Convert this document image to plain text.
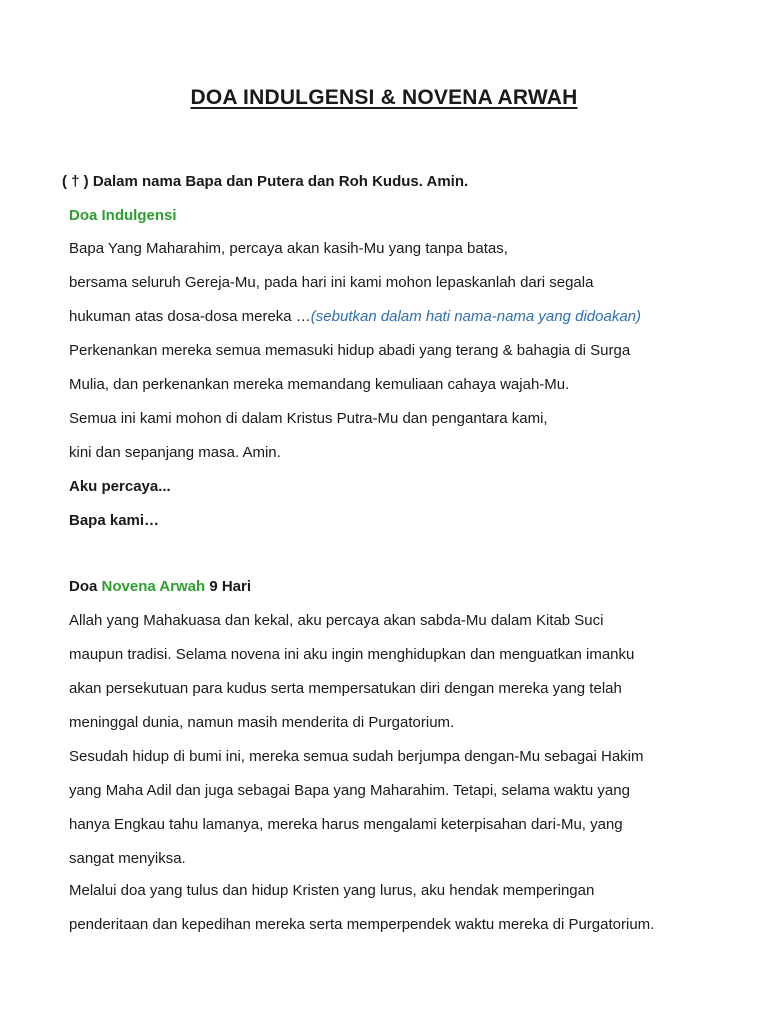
DOA INDULGENSI & NOVENA ARWAH

( † ) Dalam nama Bapa dan Putera dan Roh Kudus. Amin.

Doa Indulgensi

Bapa Yang Maharahim, percaya akan kasih-Mu yang tanpa batas,

bersama seluruh Gereja-Mu, pada hari ini kami mohon lepaskanlah dari segala

hukuman atas dosa-dosa mereka …(sebutkan dalam hati nama-nama yang didoakan)

Perkenankan mereka semua memasuki hidup abadi yang terang & bahagia di Surga

Mulia, dan perkenankan mereka memandang kemuliaan cahaya wajah-Mu.

Semua ini kami mohon di dalam Kristus Putra-Mu dan pengantara kami,

kini dan sepanjang masa. Amin.

Aku percaya...

Bapa kami…

Doa Novena Arwah 9 Hari

Allah yang Mahakuasa dan kekal, aku percaya akan sabda-Mu dalam Kitab Suci

maupun tradisi. Selama novena ini aku ingin menghidupkan dan menguatkan imanku

akan persekutuan para kudus serta mempersatukan diri dengan mereka yang telah

meninggal dunia, namun masih menderita di Purgatorium.

Sesudah hidup di bumi ini, mereka semua sudah berjumpa dengan-Mu sebagai Hakim

yang Maha Adil dan juga sebagai Bapa yang Maharahim. Tetapi, selama waktu yang

hanya Engkau tahu lamanya, mereka harus mengalami keterpisahan dari-Mu, yang

sangat menyiksa.

Melalui doa yang tulus dan hidup Kristen yang lurus, aku hendak memperingan

penderitaan dan kepedihan mereka serta memperpendek waktu mereka di Purgatorium.
